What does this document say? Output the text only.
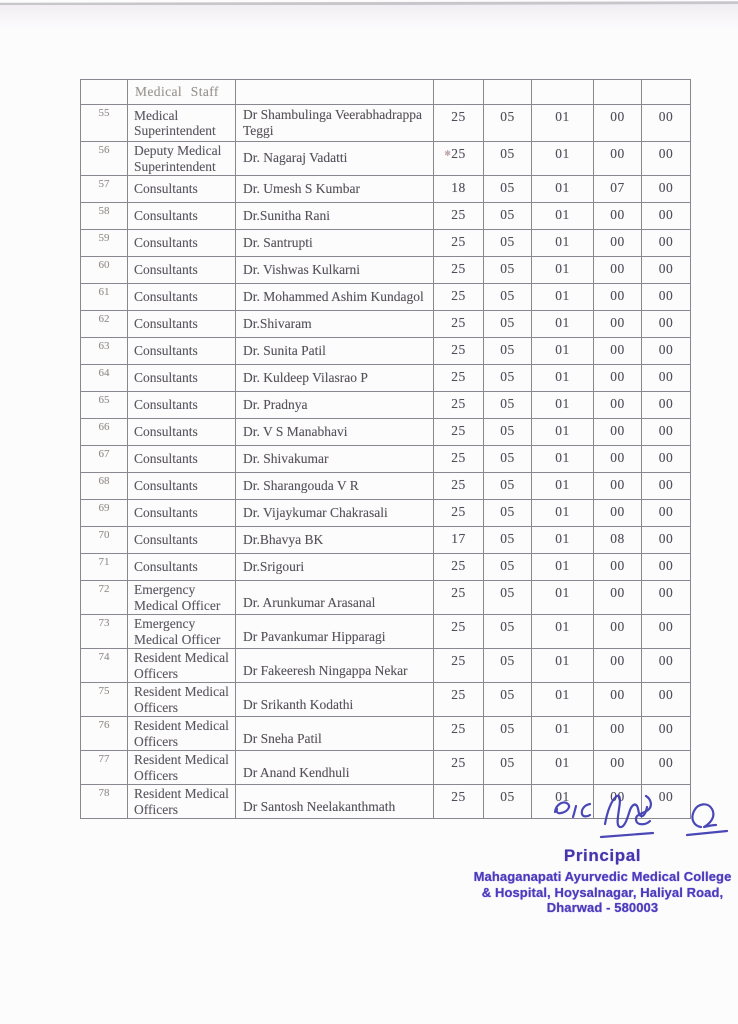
	Medical Staff						
55	Medical Superintendent	Dr Shambulinga Veerabhadrappa Teggi	25	05	01	00	00
56	Deputy Medical Superintendent	Dr. Nagaraj Vadatti	✱25	05	01	00	00
57	Consultants	Dr. Umesh S Kumbar	18	05	01	07	00
58	Consultants	Dr.Sunitha Rani	25	05	01	00	00
59	Consultants	Dr. Santrupti	25	05	01	00	00
60	Consultants	Dr. Vishwas Kulkarni	25	05	01	00	00
61	Consultants	Dr. Mohammed Ashim Kundagol	25	05	01	00	00
62	Consultants	Dr.Shivaram	25	05	01	00	00
63	Consultants	Dr. Sunita Patil	25	05	01	00	00
64	Consultants	Dr. Kuldeep Vilasrao P	25	05	01	00	00
65	Consultants	Dr. Pradnya	25	05	01	00	00
66	Consultants	Dr. V S Manabhavi	25	05	01	00	00
67	Consultants	Dr. Shivakumar	25	05	01	00	00
68	Consultants	Dr. Sharangouda V R	25	05	01	00	00
69	Consultants	Dr. Vijaykumar Chakrasali	25	05	01	00	00
70	Consultants	Dr.Bhavya BK	17	05	01	08	00
71	Consultants	Dr.Srigouri	25	05	01	00	00
72	Emergency Medical Officer	Dr. Arunkumar Arasanal	25	05	01	00	00
73	Emergency Medical Officer	Dr Pavankumar Hipparagi	25	05	01	00	00
74	Resident Medical Officers	Dr Fakeeresh Ningappa Nekar	25	05	01	00	00
75	Resident Medical Officers	Dr Srikanth Kodathi	25	05	01	00	00
76	Resident Medical Officers	Dr Sneha Patil	25	05	01	00	00
77	Resident Medical Officers	Dr Anand Kendhuli	25	05	01	00	00
78	Resident Medical Officers	Dr Santosh Neelakanthmath	25	05	01	00	00
Principal
Mahaganapati Ayurvedic Medical College
& Hospital, Hoysalnagar, Haliyal Road,
Dharwad - 580003
